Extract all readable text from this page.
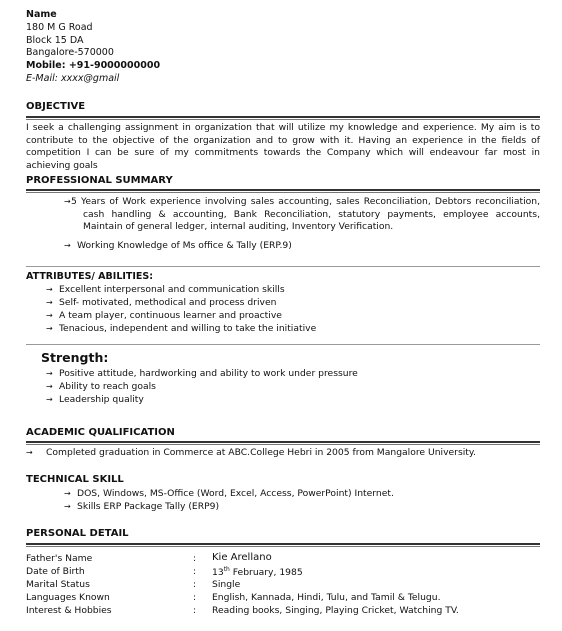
Name
180 M G Road
Block 15 DA
Bangalore-570000
Mobile: +91-9000000000
E-Mail: xxxx@gmail
OBJECTIVE
I seek a challenging assignment in organization that will utilize my knowledge and experience. My aim is to contribute to the objective of the organization and to grow with it. Having an experience in the fields of competition I can be sure of my commitments towards the Company which will endeavour far most in achieving goals
PROFESSIONAL SUMMARY
→ 5 Years of Work experience involving sales accounting, sales Reconciliation, Debtors reconciliation, cash handling & accounting, Bank Reconciliation, statutory payments, employee accounts, Maintain of general ledger, internal auditing, Inventory Verification.
→ Working Knowledge of Ms office & Tally (ERP.9)
ATTRIBUTES/ ABILITIES:
→ Excellent interpersonal and communication skills
→ Self- motivated, methodical and process driven
→ A team player, continuous learner and proactive
→ Tenacious, independent and willing to take the initiative
Strength:
→ Positive attitude, hardworking and ability to work under pressure
→ Ability to reach goals
→ Leadership quality
ACADEMIC QUALIFICATION
→ Completed graduation in Commerce at ABC.College Hebri in 2005 from Mangalore University.
TECHNICAL SKILL
→ DOS, Windows, MS-Office (Word, Excel, Access, PowerPoint) Internet.
→ Skills ERP Package Tally (ERP9)
PERSONAL DETAIL
Father's Name	: Kie Arellano
Date of Birth	: 13th February, 1985
Marital Status	: Single
Languages Known	: English, Kannada, Hindi, Tulu, and Tamil & Telugu.
Interest & Hobbies	: Reading books, Singing, Playing Cricket, Watching TV.
